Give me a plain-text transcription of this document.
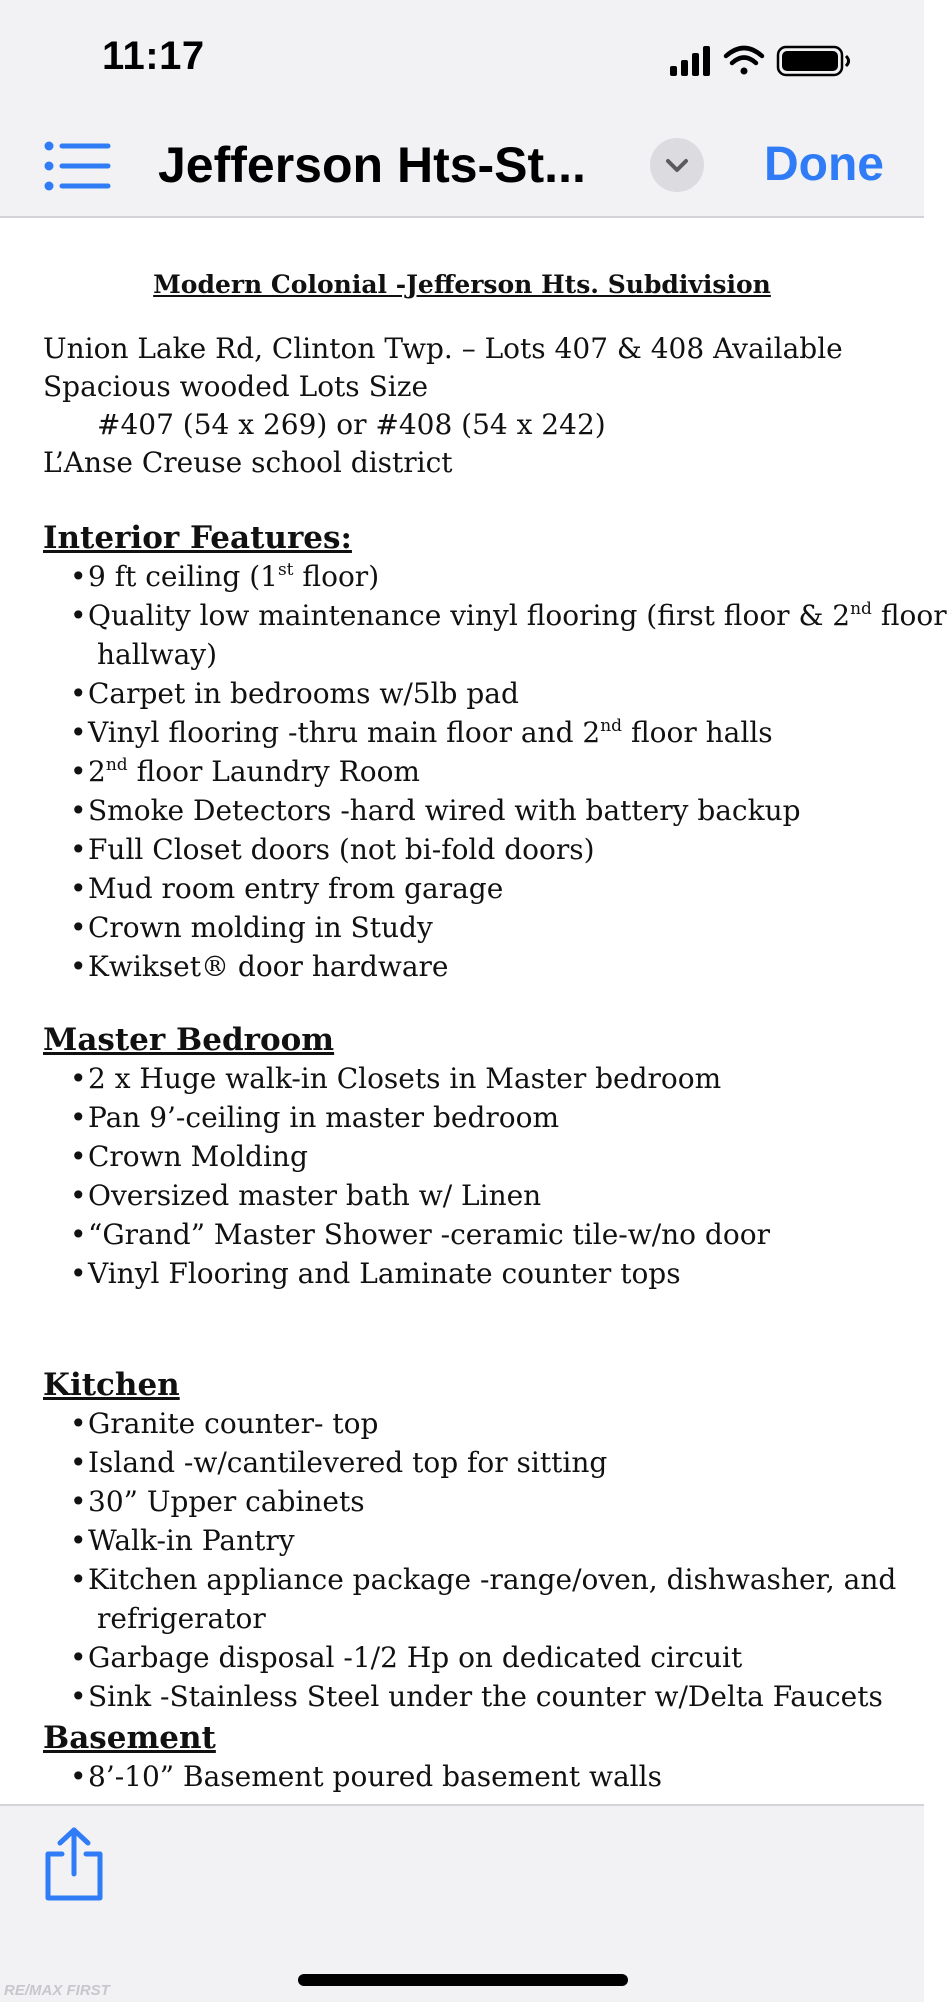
11:17
Jefferson Hts-St...	Done
Modern Colonial -Jefferson Hts. Subdivision
Union Lake Rd, Clinton Twp. – Lots 407 & 408 Available
Spacious wooded Lots Size
#407 (54 x 269) or #408 (54 x 242)
L’Anse Creuse school district
Interior Features:
•9 ft ceiling (1st floor)
•Quality low maintenance vinyl flooring (first floor & 2nd floor
hallway)
•Carpet in bedrooms w/5lb pad
•Vinyl flooring -thru main floor and 2nd floor halls
•2nd floor Laundry Room
•Smoke Detectors -hard wired with battery backup
•Full Closet doors (not bi-fold doors)
•Mud room entry from garage
•Crown molding in Study
•Kwikset® door hardware
Master Bedroom
•2 x Huge walk-in Closets in Master bedroom
•Pan 9’-ceiling in master bedroom
•Crown Molding
•Oversized master bath w/ Linen
•“Grand” Master Shower -ceramic tile-w/no door
•Vinyl Flooring and Laminate counter tops
Kitchen
•Granite counter- top
•Island -w/cantilevered top for sitting
•30” Upper cabinets
•Walk-in Pantry
•Kitchen appliance package -range/oven, dishwasher, and
refrigerator
•Garbage disposal -1/2 Hp on dedicated circuit
•Sink -Stainless Steel under the counter w/Delta Faucets
Basement
•8’-10” Basement poured basement walls
RE/MAX FIRST
